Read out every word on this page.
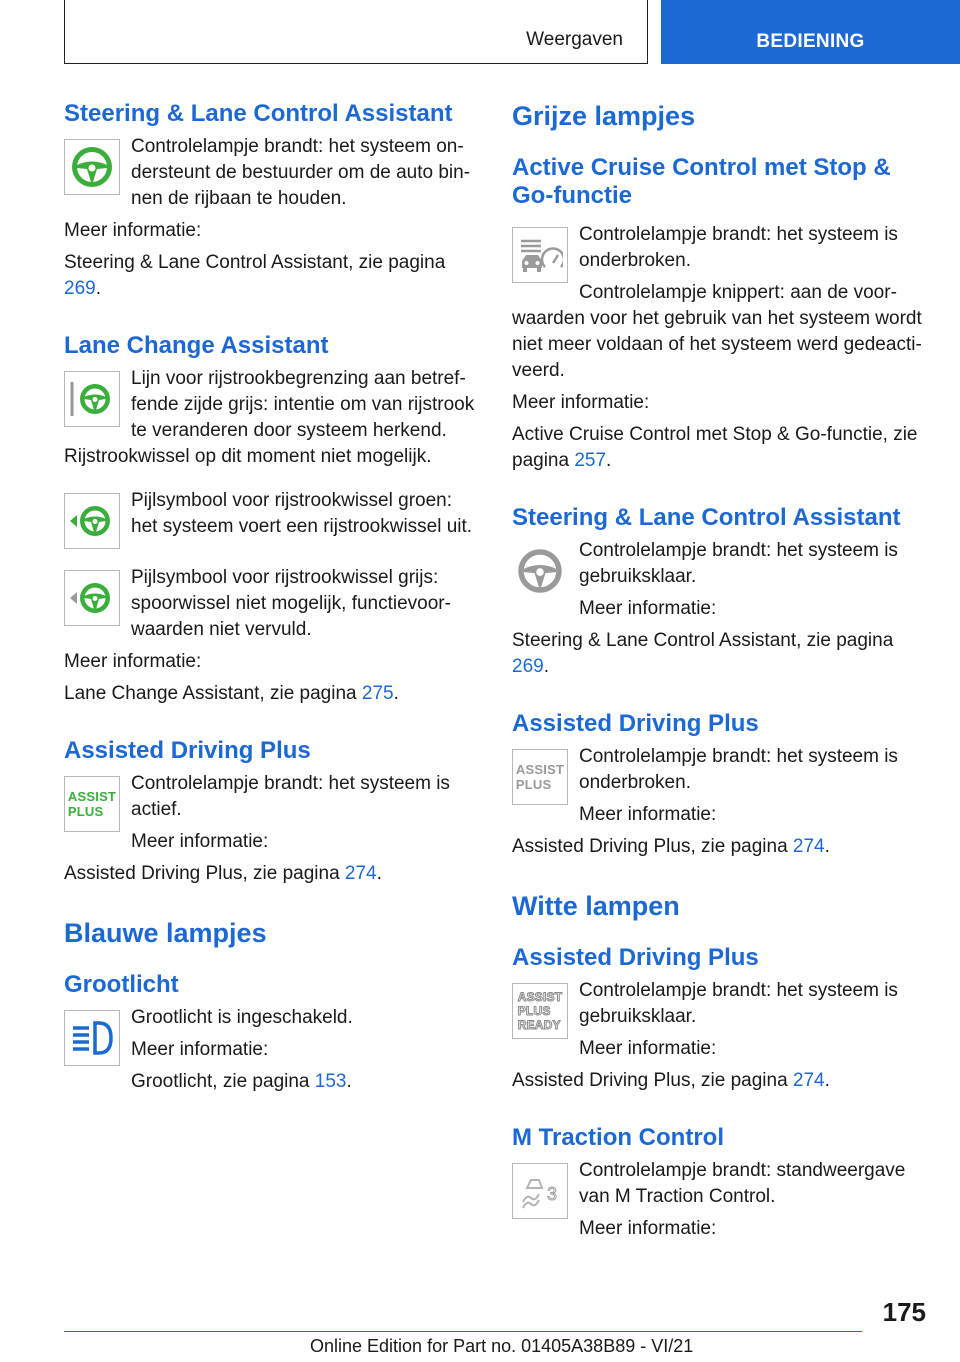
Weergaven	BEDIENING
Steering & Lane Control Assistant

Controlelampje brandt: het systeem ondersteunt de bestuurder om de auto binnen de rijbaan te houden.

Meer informatie:

Steering & Lane Control Assistant, zie pagina 269.

Lane Change Assistant

Lijn voor rijstrookbegrenzing aan betreffende zijde grijs: intentie om van rijstrook te veranderen door systeem herkend. Rijstrookwissel op dit moment niet mogelijk.

Pijlsymbool voor rijstrookwissel groen: het systeem voert een rijstrookwissel uit.

Pijlsymbool voor rijstrookwissel grijs: spoorwissel niet mogelijk, functievoorwaarden niet vervuld.

Meer informatie:

Lane Change Assistant, zie pagina 275.

Assisted Driving Plus
ASSIST
PLUS

Controlelampje brandt: het systeem is actief.

Meer informatie:

Assisted Driving Plus, zie pagina 274.

Blauwe lampjes
Grootlicht

Grootlicht is ingeschakeld.

Meer informatie:

Grootlicht, zie pagina 153.

Grijze lampjes
Active Cruise Control met Stop & Go-functie

Controlelampje brandt: het systeem is onderbroken.

Controlelampje knippert: aan de voorwaarden voor het gebruik van het systeem wordt niet meer voldaan of het systeem werd gedeactiveerd.

Meer informatie:

Active Cruise Control met Stop & Go-functie, zie pagina 257.

Steering & Lane Control Assistant

Controlelampje brandt: het systeem is gebruiksklaar.

Meer informatie:

Steering & Lane Control Assistant, zie pagina 269.

Assisted Driving Plus
ASSIST
PLUS

Controlelampje brandt: het systeem is onderbroken.

Meer informatie:

Assisted Driving Plus, zie pagina 274.

Witte lampen
Assisted Driving Plus
ASSIST
PLUS
READY

Controlelampje brandt: het systeem is gebruiksklaar.

Meer informatie:

Assisted Driving Plus, zie pagina 274.

M Traction Control
3

Controlelampje brandt: standweergave van M Traction Control.

Meer informatie:

175
Online Edition for Part no. 01405A38B89 - VI/21
